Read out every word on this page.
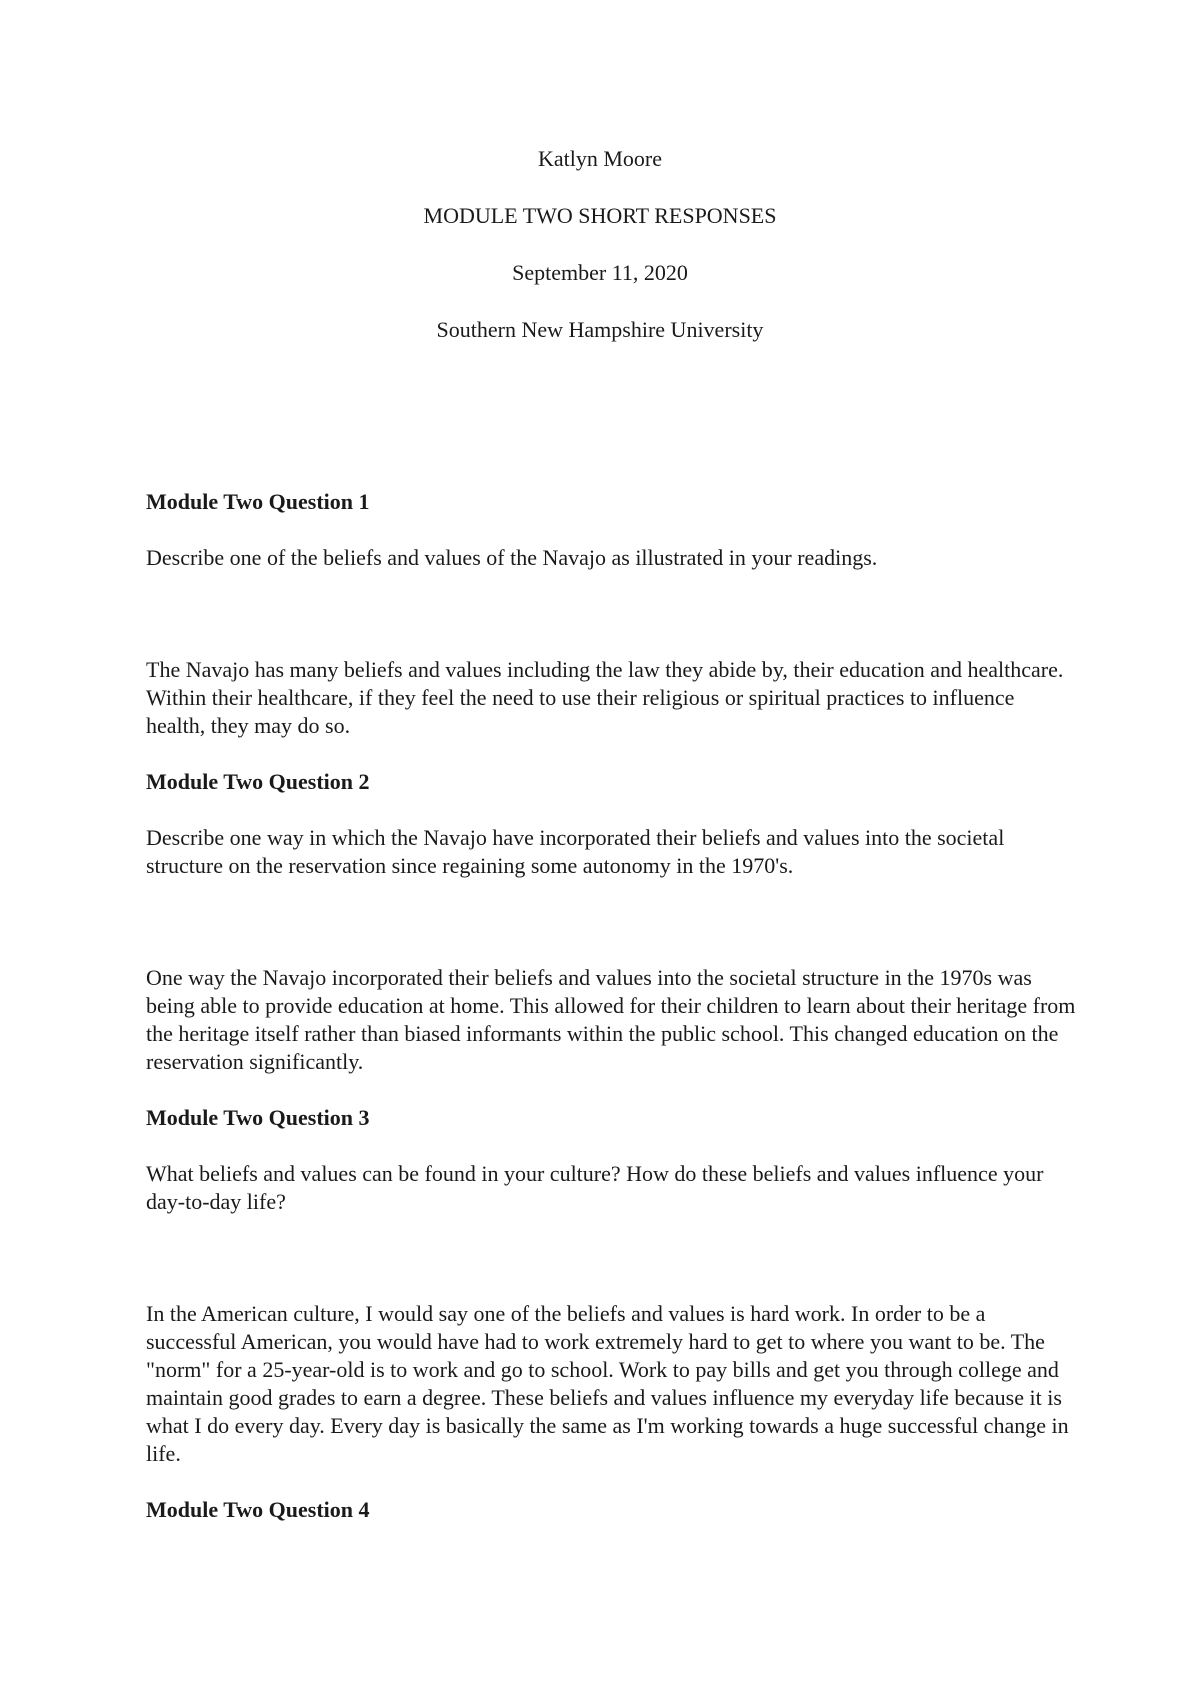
Katlyn Moore
MODULE TWO SHORT RESPONSES
September 11, 2020
Southern New Hampshire University
Module Two Question 1
Describe one of the beliefs and values of the Navajo as illustrated in your readings.
The Navajo has many beliefs and values including the law they abide by, their education and healthcare. Within their healthcare, if they feel the need to use their religious or spiritual practices to influence health, they may do so.
Module Two Question 2
Describe one way in which the Navajo have incorporated their beliefs and values into the societal structure on the reservation since regaining some autonomy in the 1970's.
One way the Navajo incorporated their beliefs and values into the societal structure in the 1970s was being able to provide education at home. This allowed for their children to learn about their heritage from the heritage itself rather than biased informants within the public school. This changed education on the reservation significantly.
Module Two Question 3
What beliefs and values can be found in your culture? How do these beliefs and values influence your day-to-day life?
In the American culture, I would say one of the beliefs and values is hard work. In order to be a successful American, you would have had to work extremely hard to get to where you want to be. The "norm" for a 25-year-old is to work and go to school. Work to pay bills and get you through college and maintain good grades to earn a degree. These beliefs and values influence my everyday life because it is what I do every day. Every day is basically the same as I'm working towards a huge successful change in life.
Module Two Question 4
